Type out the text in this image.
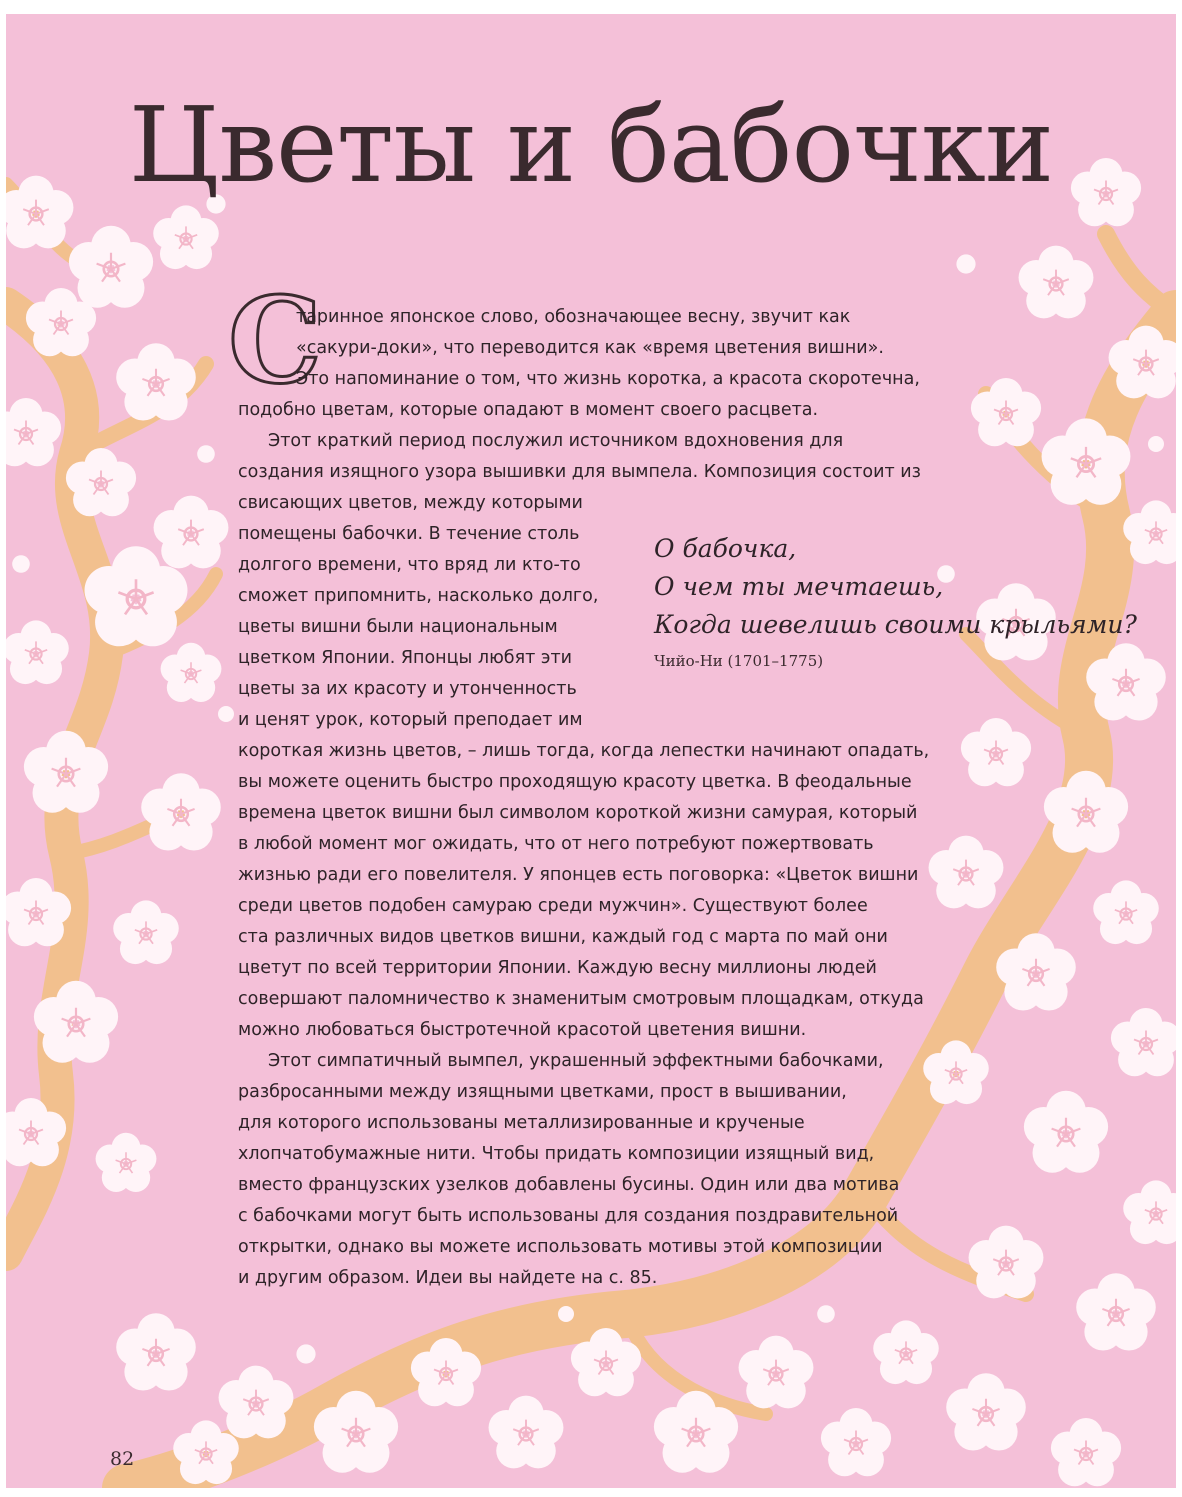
Цветы и бабочки
С
таринное японское слово, обозначающее весну, звучит как
«сакури-доки», что переводится как «время цветения вишни».
Это напоминание о том, что жизнь коротка, а красота скоротечна,
подобно цветам, которые опадают в момент своего расцвета.
Этот краткий период послужил источником вдохновения для
создания изящного узора вышивки для вымпела. Композиция состоит из
свисающих цветов, между которыми
помещены бабочки. В течение столь
долгого времени, что вряд ли кто-то
сможет припомнить, насколько долго,
цветы вишни были национальным
цветком Японии. Японцы любят эти
цветы за их красоту и утонченность
и ценят урок, который преподает им
короткая жизнь цветов, – лишь тогда, когда лепестки начинают опадать,
вы можете оценить быстро проходящую красоту цветка. В феодальные
времена цветок вишни был символом короткой жизни самурая, который
в любой момент мог ожидать, что от него потребуют пожертвовать
жизнью ради его повелителя. У японцев есть поговорка: «Цветок вишни
среди цветов подобен самураю среди мужчин». Существуют более
ста различных видов цветков вишни, каждый год с марта по май они
цветут по всей территории Японии. Каждую весну миллионы людей
совершают паломничество к знаменитым смотровым площадкам, откуда
можно любоваться быстротечной красотой цветения вишни.
Этот симпатичный вымпел, украшенный эффектными бабочками,
разбросанными между изящными цветками, прост в вышивании,
для которого использованы металлизированные и крученые
хлопчатобумажные нити. Чтобы придать композиции изящный вид,
вместо французских узелков добавлены бусины. Один или два мотива
с бабочками могут быть использованы для создания поздравительной
открытки, однако вы можете использовать мотивы этой композиции
и другим образом. Идеи вы найдете на с. 85.
О бабочка,
О чем ты мечтаешь,
Когда шевелишь своими крыльями?
Чийо-Ни (1701–1775)
82
